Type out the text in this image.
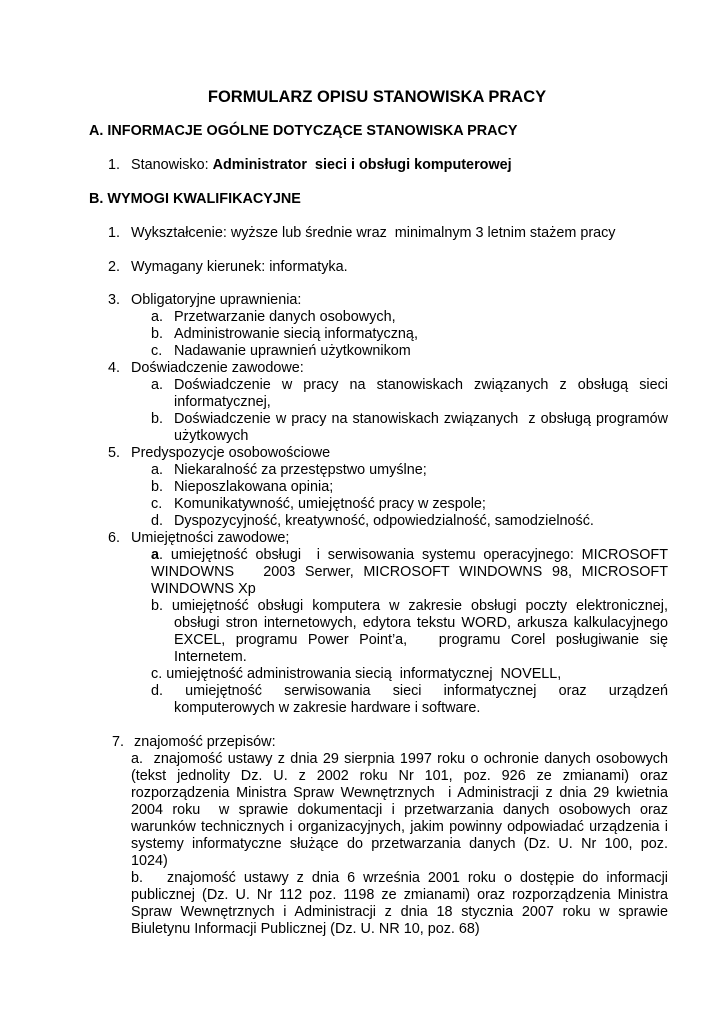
FORMULARZ OPISU STANOWISKA PRACY
A. INFORMACJE OGÓLNE DOTYCZĄCE STANOWISKA PRACY
1. Stanowisko: Administrator  sieci i obsługi komputerowej
B. WYMOGI KWALIFIKACYJNE
1. Wykształcenie: wyższe lub średnie wraz  minimalnym 3 letnim stażem pracy
2. Wymagany kierunek: informatyka.
3. Obligatoryjne uprawnienia:
a. Przetwarzanie danych osobowych,
b. Administrowanie siecią informatyczną,
c. Nadawanie uprawnień użytkownikom
4. Doświadczenie zawodowe:
a. Doświadczenie w pracy na stanowiskach związanych z obsługą sieci
informatycznej,
b. Doświadczenie w pracy na stanowiskach związanych  z obsługą programów
użytkowych
5. Predyspozycje osobowościowe
a. Niekaralność za przestępstwo umyślne;
b. Nieposzlakowana opinia;
c. Komunikatywność, umiejętność pracy w zespole;
d. Dyspozycyjność, kreatywność, odpowiedzialność, samodzielność.
6. Umiejętności zawodowe;
a. umiejętność obsługi  i serwisowania systemu operacyjnego: MICROSOFT
WINDOWNS   2003 Serwer, MICROSOFT WINDOWNS 98, MICROSOFT
WINDOWNS Xp
b. umiejętność obsługi komputera w zakresie obsługi poczty elektronicznej,
obsługi stron internetowych, edytora tekstu WORD, arkusza kalkulacyjnego
EXCEL, programu Power Point’a,   programu Corel posługiwanie się
Internetem.
c. umiejętność administrowania siecią  informatycznej  NOVELL,
d.   umiejętność   serwisowania   sieci   informatycznej   oraz   urządzeń
komputerowych w zakresie hardware i software.
7. znajomość przepisów:
a.  znajomość ustawy z dnia 29 sierpnia 1997 roku o ochronie danych osobowych
(tekst jednolity Dz. U. z 2002 roku Nr 101, poz. 926 ze zmianami) oraz
rozporządzenia Ministra Spraw Wewnętrznych  i Administracji z dnia 29 kwietnia
2004 roku  w sprawie dokumentacji i przetwarzania danych osobowych oraz
warunków technicznych i organizacyjnych, jakim powinny odpowiadać urządzenia i
systemy informatyczne służące do przetwarzania danych (Dz. U. Nr 100, poz.
1024)
b.   znajomość ustawy z dnia 6 września 2001 roku o dostępie do informacji
publicznej (Dz. U. Nr 112 poz. 1198 ze zmianami) oraz rozporządzenia Ministra
Spraw Wewnętrznych i Administracji z dnia 18 stycznia 2007 roku w sprawie
Biuletynu Informacji Publicznej (Dz. U. NR 10, poz. 68)
